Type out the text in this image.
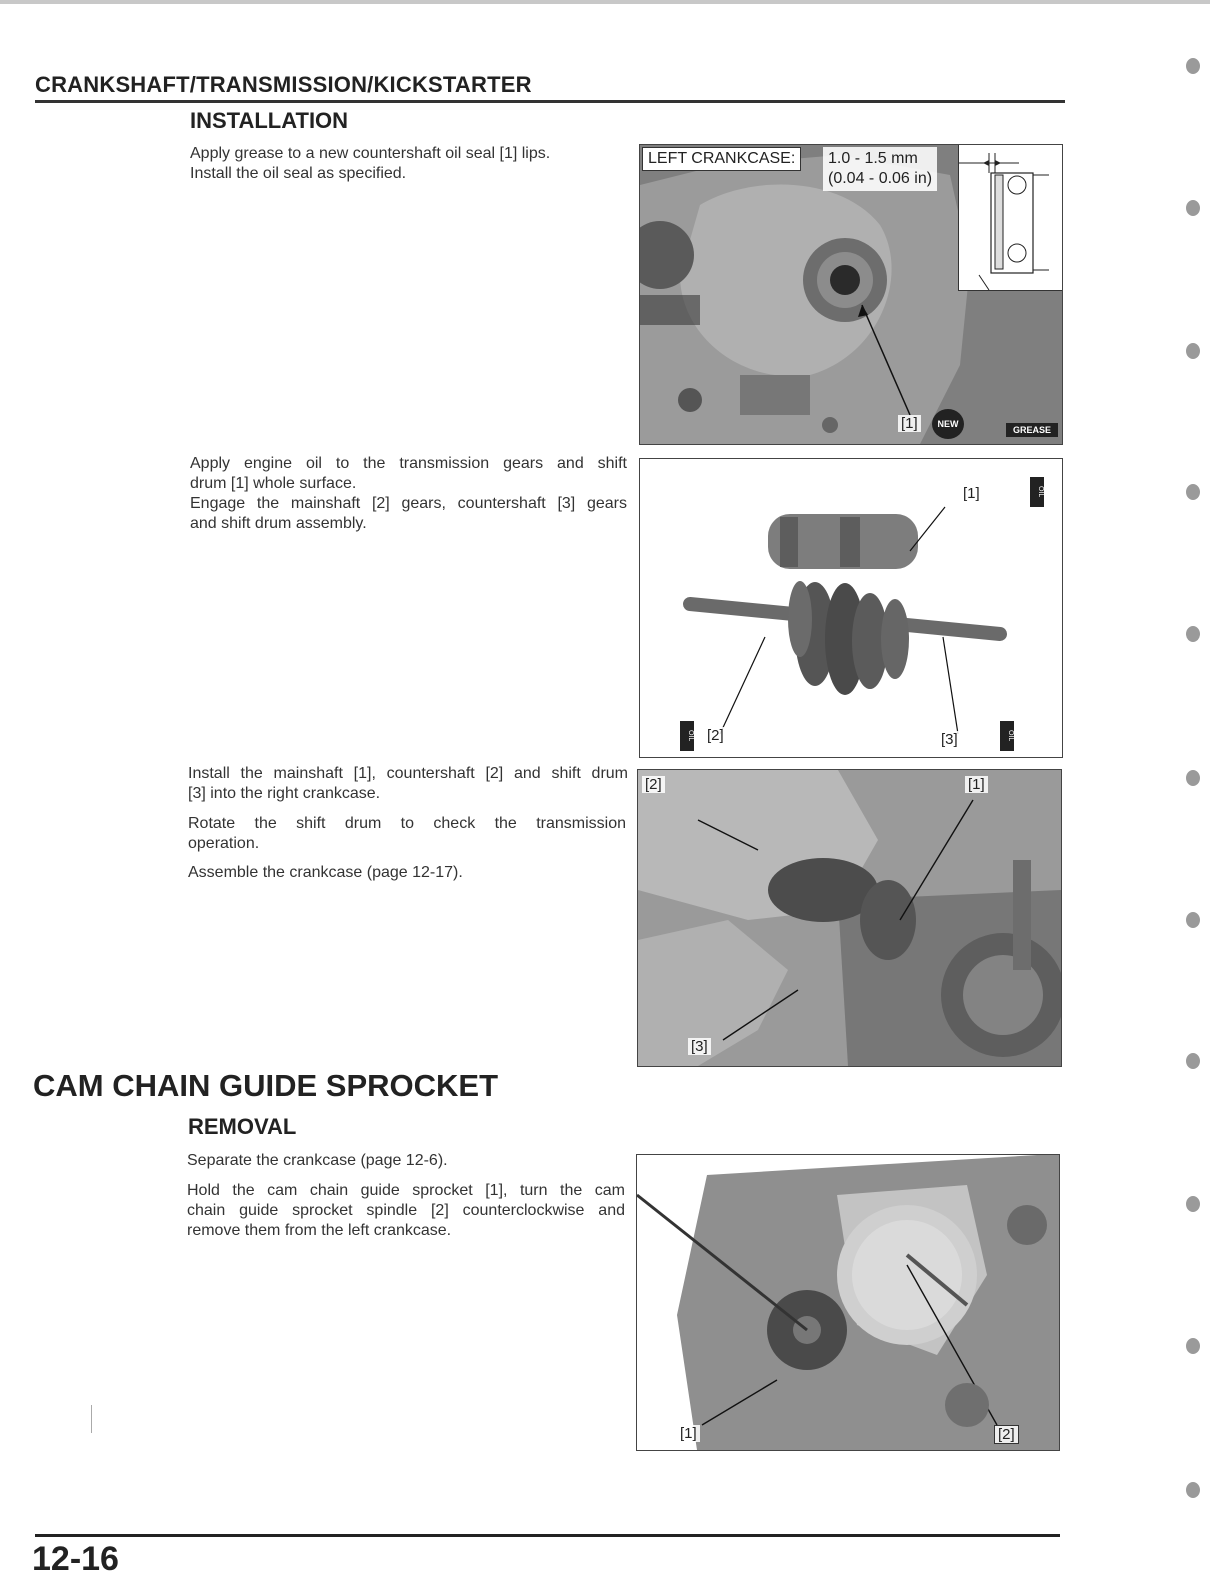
CRANKSHAFT/TRANSMISSION/KICKSTARTER
INSTALLATION
Apply grease to a new countershaft oil seal [1] lips.
Install the oil seal as specified.
Apply engine oil to the transmission gears and shift
drum [1] whole surface.
Engage the mainshaft [2] gears, countershaft [3] gears
and shift drum assembly.
Install the mainshaft [1], countershaft [2] and shift drum
[3] into the right crankcase.
Rotate the shift drum to check the transmission
operation.
Assemble the crankcase (page 12-17).
LEFT CRANKCASE:	1.0 - 1.5 mm
(0.04 - 0.06 in)
[1]	NEW
GREASE
[1]
[2]	[3]
OIL
OIL	OIL
[2]	[1]
[3]
CAM CHAIN GUIDE SPROCKET
REMOVAL
Separate the crankcase (page 12-6).
Hold the cam chain guide sprocket [1], turn the cam
chain guide sprocket spindle [2] counterclockwise and
remove them from the left crankcase.
[1]	[2]
12-16
